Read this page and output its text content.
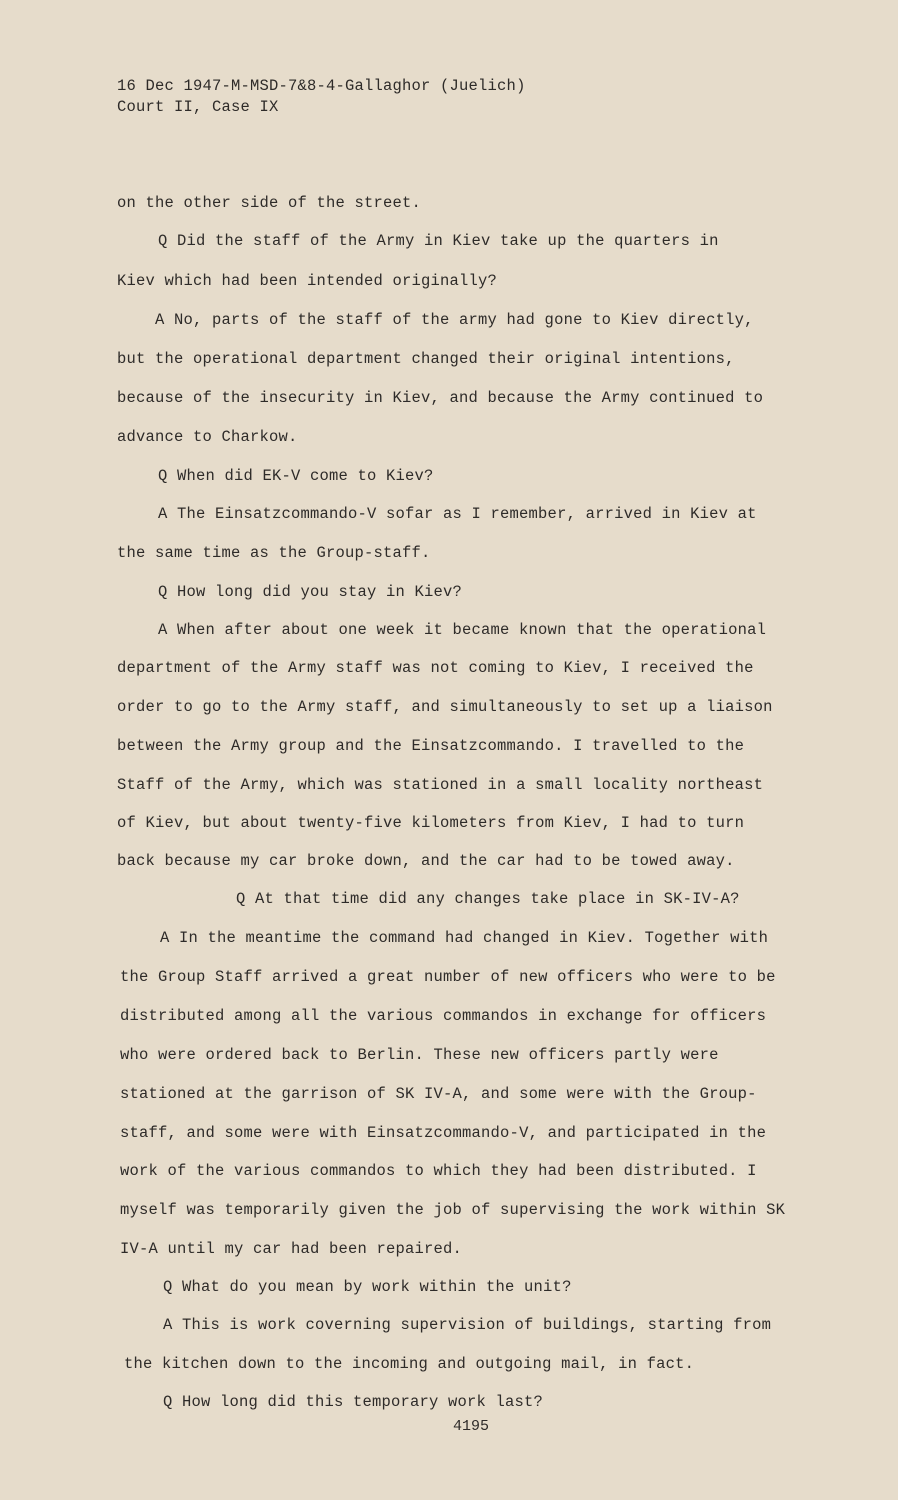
16 Dec 1947-M-MSD-7&8-4-Gallaghor (Juelich)
Court II, Case IX
on the other side of the street.
Q Did the staff of the Army in Kiev take up the quarters in
Kiev which had been intended originally?
A No, parts of the staff of the army had gone to Kiev directly,
but the operational department changed their original intentions,
because of the insecurity in Kiev, and because the Army continued to
advance to Charkow.
Q When did EK-V come to Kiev?
A The Einsatzcommando-V sofar as I remember, arrived in Kiev at
the same time as the Group-staff.
Q How long did you stay in Kiev?
A When after about one week it became known that the operational
department of the Army staff was not coming to Kiev, I received the
order to go to the Army staff, and simultaneously to set up a liaison
between the Army group and the Einsatzcommando. I travelled to the
Staff of the Army, which was stationed in a small locality northeast
of Kiev, but about twenty-five kilometers from Kiev, I had to turn
back because my car broke down, and the car had to be towed away.
Q At that time did any changes take place in SK-IV-A?
A In the meantime the command had changed in Kiev. Together with
the Group Staff arrived a great number of new officers who were to be
distributed among all the various commandos in exchange for officers
who were ordered back to Berlin. These new officers partly were
stationed at the garrison of SK IV-A, and some were with the Group-
staff, and some were with Einsatzcommando-V, and participated in the
work of the various commandos to which they had been distributed. I
myself was temporarily given the job of supervising the work within SK
IV-A until my car had been repaired.
Q What do you mean by work within the unit?
A This is work coverning supervision of buildings, starting from
the kitchen down to the incoming and outgoing mail, in fact.
Q How long did this temporary work last?
4195
